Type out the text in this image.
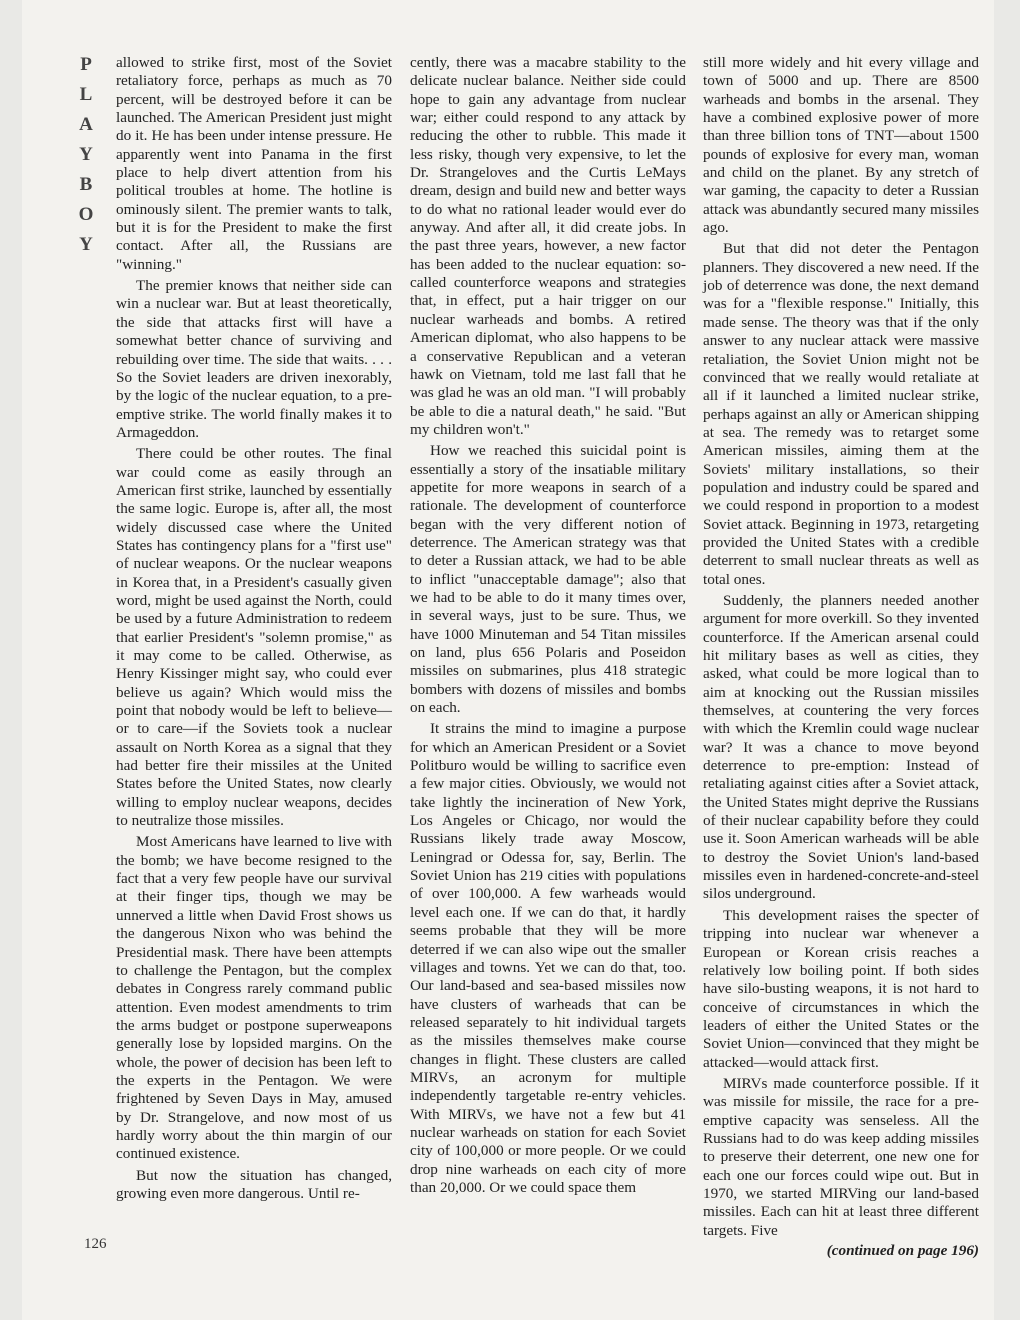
P
L
A
Y
B
O
Y
126

allowed to strike first, most of the Soviet retaliatory force, perhaps as much as 70 percent, will be destroyed before it can be launched. The American President just might do it. He has been under intense pressure. He apparently went into Panama in the first place to help divert attention from his political troubles at home. The hotline is ominously silent. The premier wants to talk, but it is for the President to make the first contact. After all, the Russians are "winning."

The premier knows that neither side can win a nuclear war. But at least theoretically, the side that attacks first will have a somewhat better chance of surviving and rebuilding over time. The side that waits. . . . So the Soviet leaders are driven inexorably, by the logic of the nuclear equation, to a pre-emptive strike. The world finally makes it to Armageddon.

There could be other routes. The final war could come as easily through an American first strike, launched by essentially the same logic. Europe is, after all, the most widely discussed case where the United States has contingency plans for a "first use" of nuclear weapons. Or the nuclear weapons in Korea that, in a President's casually given word, might be used against the North, could be used by a future Administration to redeem that earlier President's "solemn promise," as it may come to be called. Otherwise, as Henry Kissinger might say, who could ever believe us again? Which would miss the point that nobody would be left to believe—or to care—if the Soviets took a nuclear assault on North Korea as a signal that they had better fire their missiles at the United States before the United States, now clearly willing to employ nuclear weapons, decides to neutralize those missiles.

Most Americans have learned to live with the bomb; we have become resigned to the fact that a very few people have our survival at their finger tips, though we may be unnerved a little when David Frost shows us the dangerous Nixon who was behind the Presidential mask. There have been attempts to challenge the Pentagon, but the complex debates in Congress rarely command public attention. Even modest amendments to trim the arms budget or postpone superweapons generally lose by lopsided margins. On the whole, the power of decision has been left to the experts in the Pentagon. We were frightened by Seven Days in May, amused by Dr. Strangelove, and now most of us hardly worry about the thin margin of our continued existence.

But now the situation has changed, growing even more dangerous. Until re-

cently, there was a macabre stability to the delicate nuclear balance. Neither side could hope to gain any advantage from nuclear war; either could respond to any attack by reducing the other to rubble. This made it less risky, though very expensive, to let the Dr. Strangeloves and the Curtis LeMays dream, design and build new and better ways to do what no rational leader would ever do anyway. And after all, it did create jobs. In the past three years, however, a new factor has been added to the nuclear equation: so-called counterforce weapons and strategies that, in effect, put a hair trigger on our nuclear warheads and bombs. A retired American diplomat, who also happens to be a conservative Republican and a veteran hawk on Vietnam, told me last fall that he was glad he was an old man. "I will probably be able to die a natural death," he said. "But my children won't."

How we reached this suicidal point is essentially a story of the insatiable military appetite for more weapons in search of a rationale. The development of counterforce began with the very different notion of deterrence. The American strategy was that to deter a Russian attack, we had to be able to inflict "unacceptable damage"; also that we had to be able to do it many times over, in several ways, just to be sure. Thus, we have 1000 Minuteman and 54 Titan missiles on land, plus 656 Polaris and Poseidon missiles on submarines, plus 418 strategic bombers with dozens of missiles and bombs on each.

It strains the mind to imagine a purpose for which an American President or a Soviet Politburo would be willing to sacrifice even a few major cities. Obviously, we would not take lightly the incineration of New York, Los Angeles or Chicago, nor would the Russians likely trade away Moscow, Leningrad or Odessa for, say, Berlin. The Soviet Union has 219 cities with populations of over 100,000. A few warheads would level each one. If we can do that, it hardly seems probable that they will be more deterred if we can also wipe out the smaller villages and towns. Yet we can do that, too. Our land-based and sea-based missiles now have clusters of warheads that can be released separately to hit individual targets as the missiles themselves make course changes in flight. These clusters are called MIRVs, an acronym for multiple independently targetable re-entry vehicles. With MIRVs, we have not a few but 41 nuclear warheads on station for each Soviet city of 100,000 or more people. Or we could drop nine warheads on each city of more than 20,000. Or we could space them

still more widely and hit every village and town of 5000 and up. There are 8500 warheads and bombs in the arsenal. They have a combined explosive power of more than three billion tons of TNT—about 1500 pounds of explosive for every man, woman and child on the planet. By any stretch of war gaming, the capacity to deter a Russian attack was abundantly secured many missiles ago.

But that did not deter the Pentagon planners. They discovered a new need. If the job of deterrence was done, the next demand was for a "flexible response." Initially, this made sense. The theory was that if the only answer to any nuclear attack were massive retaliation, the Soviet Union might not be convinced that we really would retaliate at all if it launched a limited nuclear strike, perhaps against an ally or American shipping at sea. The remedy was to retarget some American missiles, aiming them at the Soviets' military installations, so their population and industry could be spared and we could respond in proportion to a modest Soviet attack. Beginning in 1973, retargeting provided the United States with a credible deterrent to small nuclear threats as well as total ones.

Suddenly, the planners needed another argument for more overkill. So they invented counterforce. If the American arsenal could hit military bases as well as cities, they asked, what could be more logical than to aim at knocking out the Russian missiles themselves, at countering the very forces with which the Kremlin could wage nuclear war? It was a chance to move beyond deterrence to pre-emption: Instead of retaliating against cities after a Soviet attack, the United States might deprive the Russians of their nuclear capability before they could use it. Soon American warheads will be able to destroy the Soviet Union's land-based missiles even in hardened-concrete-and-steel silos underground.

This development raises the specter of tripping into nuclear war whenever a European or Korean crisis reaches a relatively low boiling point. If both sides have silo-busting weapons, it is not hard to conceive of circumstances in which the leaders of either the United States or the Soviet Union—convinced that they might be attacked—would attack first.

MIRVs made counterforce possible. If it was missile for missile, the race for a pre-emptive capacity was senseless. All the Russians had to do was keep adding missiles to preserve their deterrent, one new one for each one our forces could wipe out. But in 1970, we started MIRVing our land-based missiles. Each can hit at least three different targets. Five

(continued on page 196)
